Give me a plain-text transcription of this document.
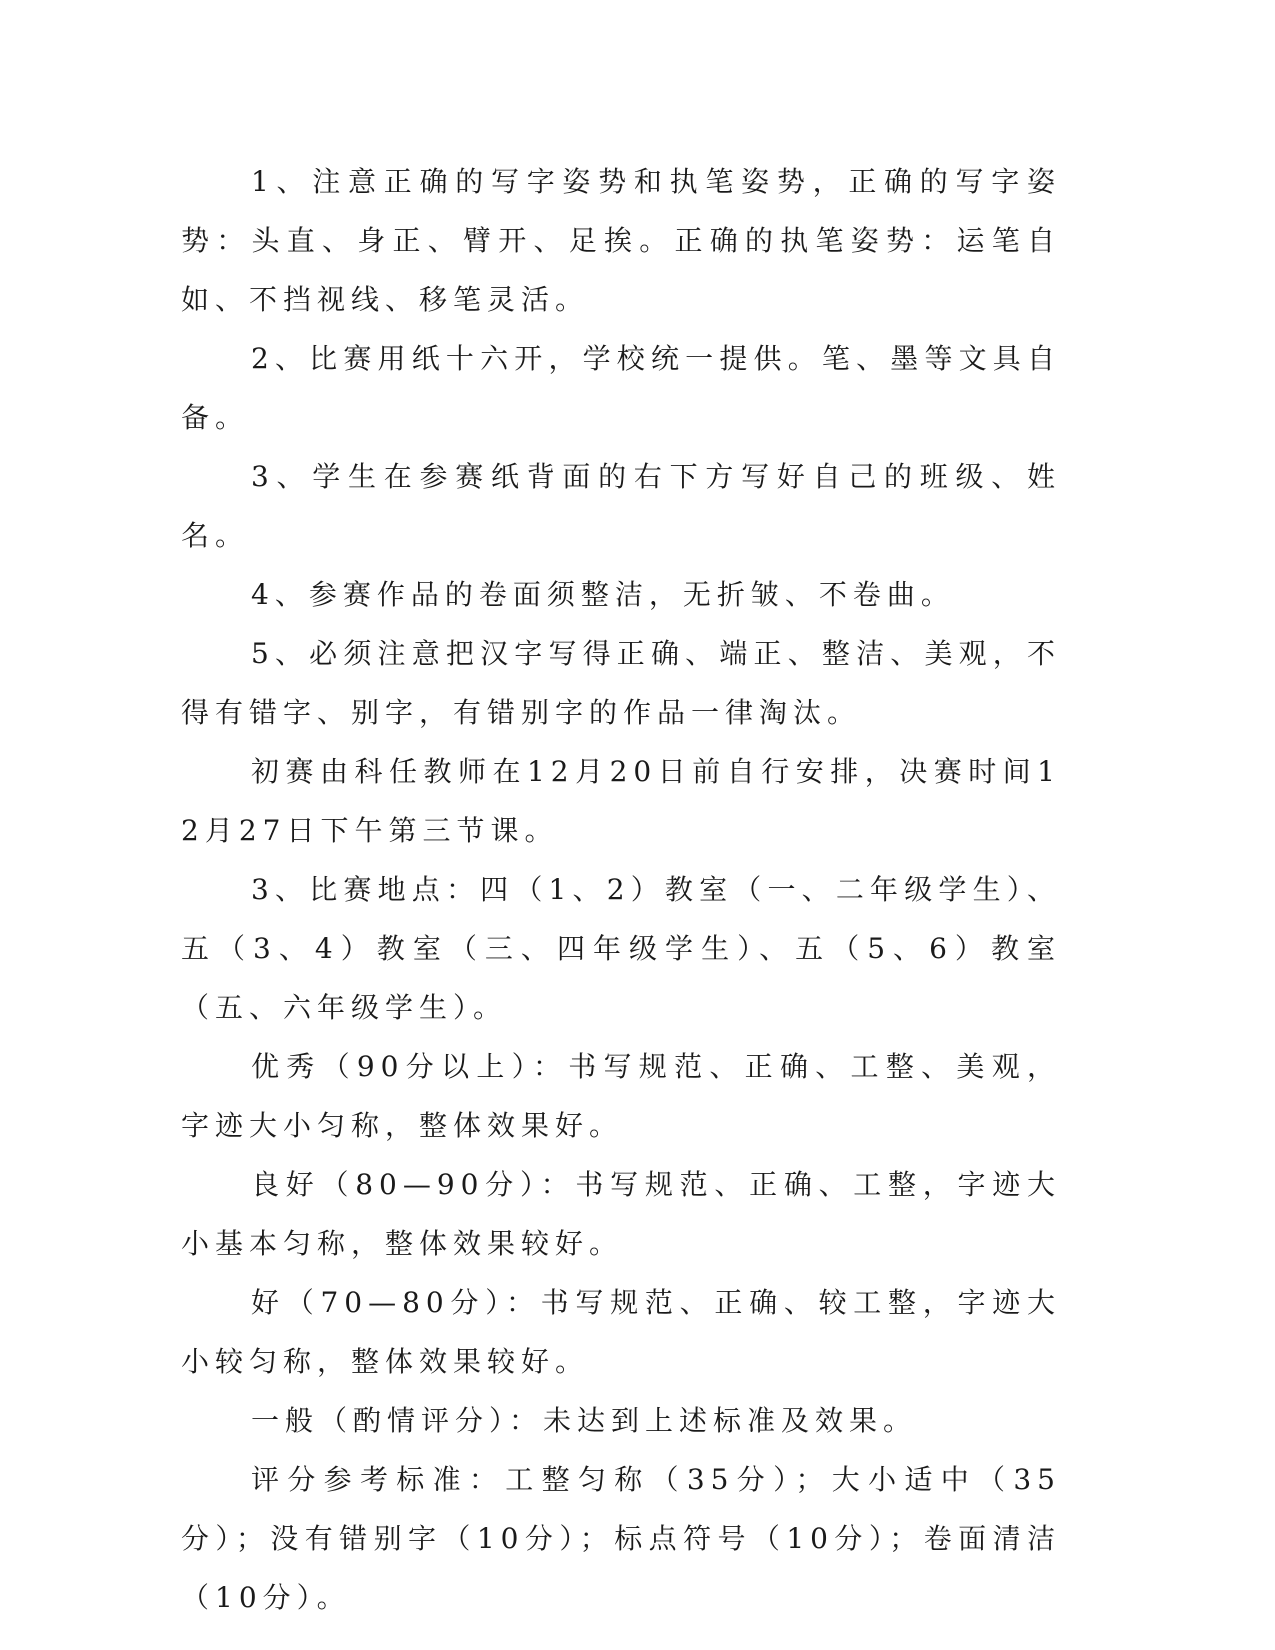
1、注意正确的写字姿势和执笔姿势，正确的写字姿势：头直、身正、臂开、足挨。正确的执笔姿势：运笔自如、不挡视线、移笔灵活。

2、比赛用纸十六开，学校统一提供。笔、墨等文具自备。

3、学生在参赛纸背面的右下方写好自己的班级、姓名。

4、参赛作品的卷面须整洁，无折皱、不卷曲。

5、必须注意把汉字写得正确、端正、整洁、美观，不得有错字、别字，有错别字的作品一律淘汰。

初赛由科任教师在12月20日前自行安排，决赛时间12月27日下午第三节课。

3、比赛地点：四（1、2）教室（一、二年级学生）、五（3、4）教室（三、四年级学生）、五（5、6）教室（五、六年级学生）。

优秀（90分以上）：书写规范、正确、工整、美观，字迹大小匀称，整体效果好。

良好（80—90分）：书写规范、正确、工整，字迹大小基本匀称，整体效果较好。

好（70—80分）：书写规范、正确、较工整，字迹大小较匀称，整体效果较好。

一般（酌情评分）：未达到上述标准及效果。

评分参考标准：工整匀称（35分）；大小适中（35分）；没有错别字（10分）；标点符号（10分）；卷面清洁（10分）。
